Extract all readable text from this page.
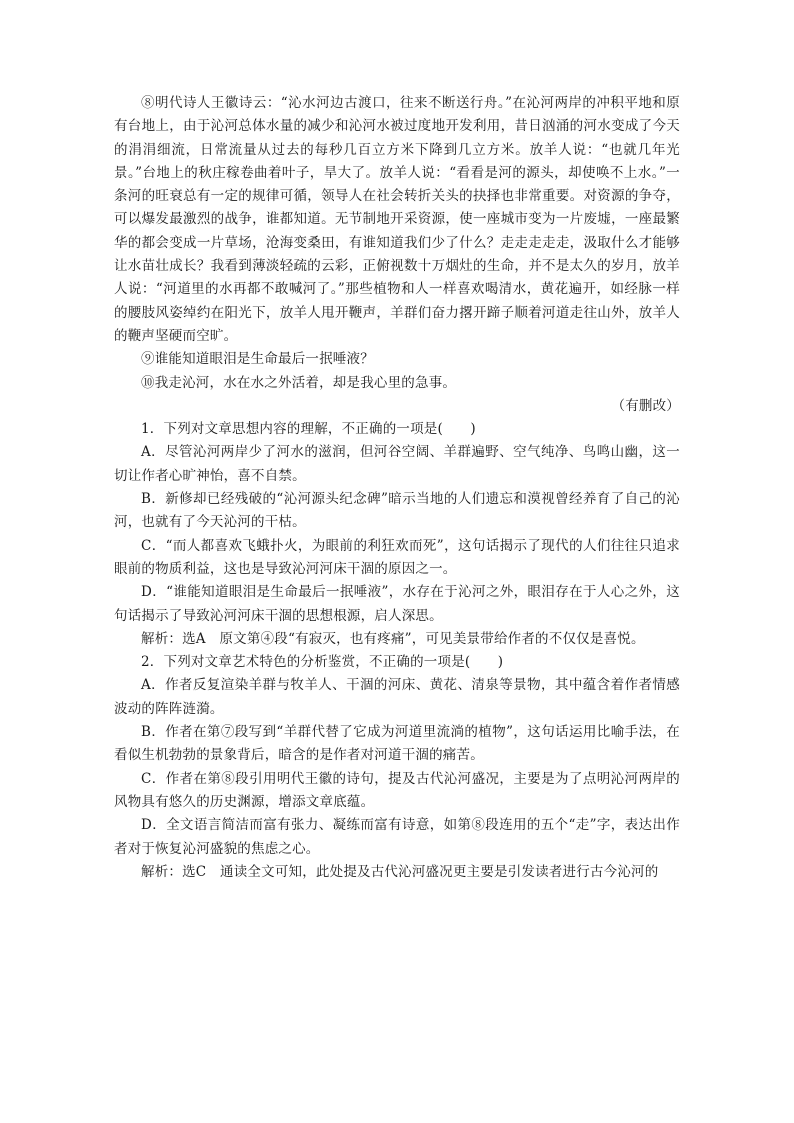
⑧明代诗人王徽诗云：“沁水河边古渡口，往来不断送行舟。”在沁河两岸的冲积平地和原有台地上，由于沁河总体水量的减少和沁河水被过度地开发利用，昔日汹涌的河水变成了今天的涓涓细流，日常流量从过去的每秒几百立方米下降到几立方米。放羊人说：“也就几年光景。”台地上的秋庄稼卷曲着叶子，旱大了。放羊人说：“看看是河的源头，却使唤不上水。”一条河的旺衰总有一定的规律可循，领导人在社会转折关头的抉择也非常重要。对资源的争夺，可以爆发最激烈的战争，谁都知道。无节制地开采资源，使一座城市变为一片废墟，一座最繁华的都会变成一片草场，沧海变桑田，有谁知道我们少了什么？走走走走走，汲取什么才能够让水苗壮成长？我看到薄淡轻疏的云彩，正俯视数十万烟灶的生命，并不是太久的岁月，放羊人说：“河道里的水再都不敢喊河了。”那些植物和人一样喜欢喝清水，黄花遍开，如经脉一样的腰肢风姿绰约在阳光下，放羊人甩开鞭声，羊群们奋力撂开蹄子顺着河道走往山外，放羊人的鞭声坚硬而空旷。

⑨谁能知道眼泪是生命最后一抿唾液？

⑩我走沁河，水在水之外活着，却是我心里的急事。

（有删改）

1．下列对文章思想内容的理解，不正确的一项是(　　)

A．尽管沁河两岸少了河水的滋润，但河谷空阔、羊群遍野、空气纯净、鸟鸣山幽，这一切让作者心旷神怡，喜不自禁。

B．新修却已经残破的“沁河源头纪念碑”暗示当地的人们遗忘和漠视曾经养育了自己的沁河，也就有了今天沁河的干枯。

C．“而人都喜欢飞蛾扑火，为眼前的利狂欢而死”，这句话揭示了现代的人们往往只追求眼前的物质利益，这也是导致沁河河床干涸的原因之一。

D．“谁能知道眼泪是生命最后一抿唾液”，水存在于沁河之外，眼泪存在于人心之外，这句话揭示了导致沁河河床干涸的思想根源，启人深思。

解析：选A　原文第④段“有寂灭，也有疼痛”，可见美景带给作者的不仅仅是喜悦。

2．下列对文章艺术特色的分析鉴赏，不正确的一项是(　　)

A．作者反复渲染羊群与牧羊人、干涸的河床、黄花、清泉等景物，其中蕴含着作者情感波动的阵阵涟漪。

B．作者在第⑦段写到“羊群代替了它成为河道里流淌的植物”，这句话运用比喻手法，在看似生机勃勃的景象背后，暗含的是作者对河道干涸的痛苦。

C．作者在第⑧段引用明代王徽的诗句，提及古代沁河盛况，主要是为了点明沁河两岸的风物具有悠久的历史渊源，增添文章底蕴。

D．全文语言简洁而富有张力、凝练而富有诗意，如第⑧段连用的五个“走”字，表达出作者对于恢复沁河盛貌的焦虑之心。

解析：选C　通读全文可知，此处提及古代沁河盛况更主要是引发读者进行古今沁河的
